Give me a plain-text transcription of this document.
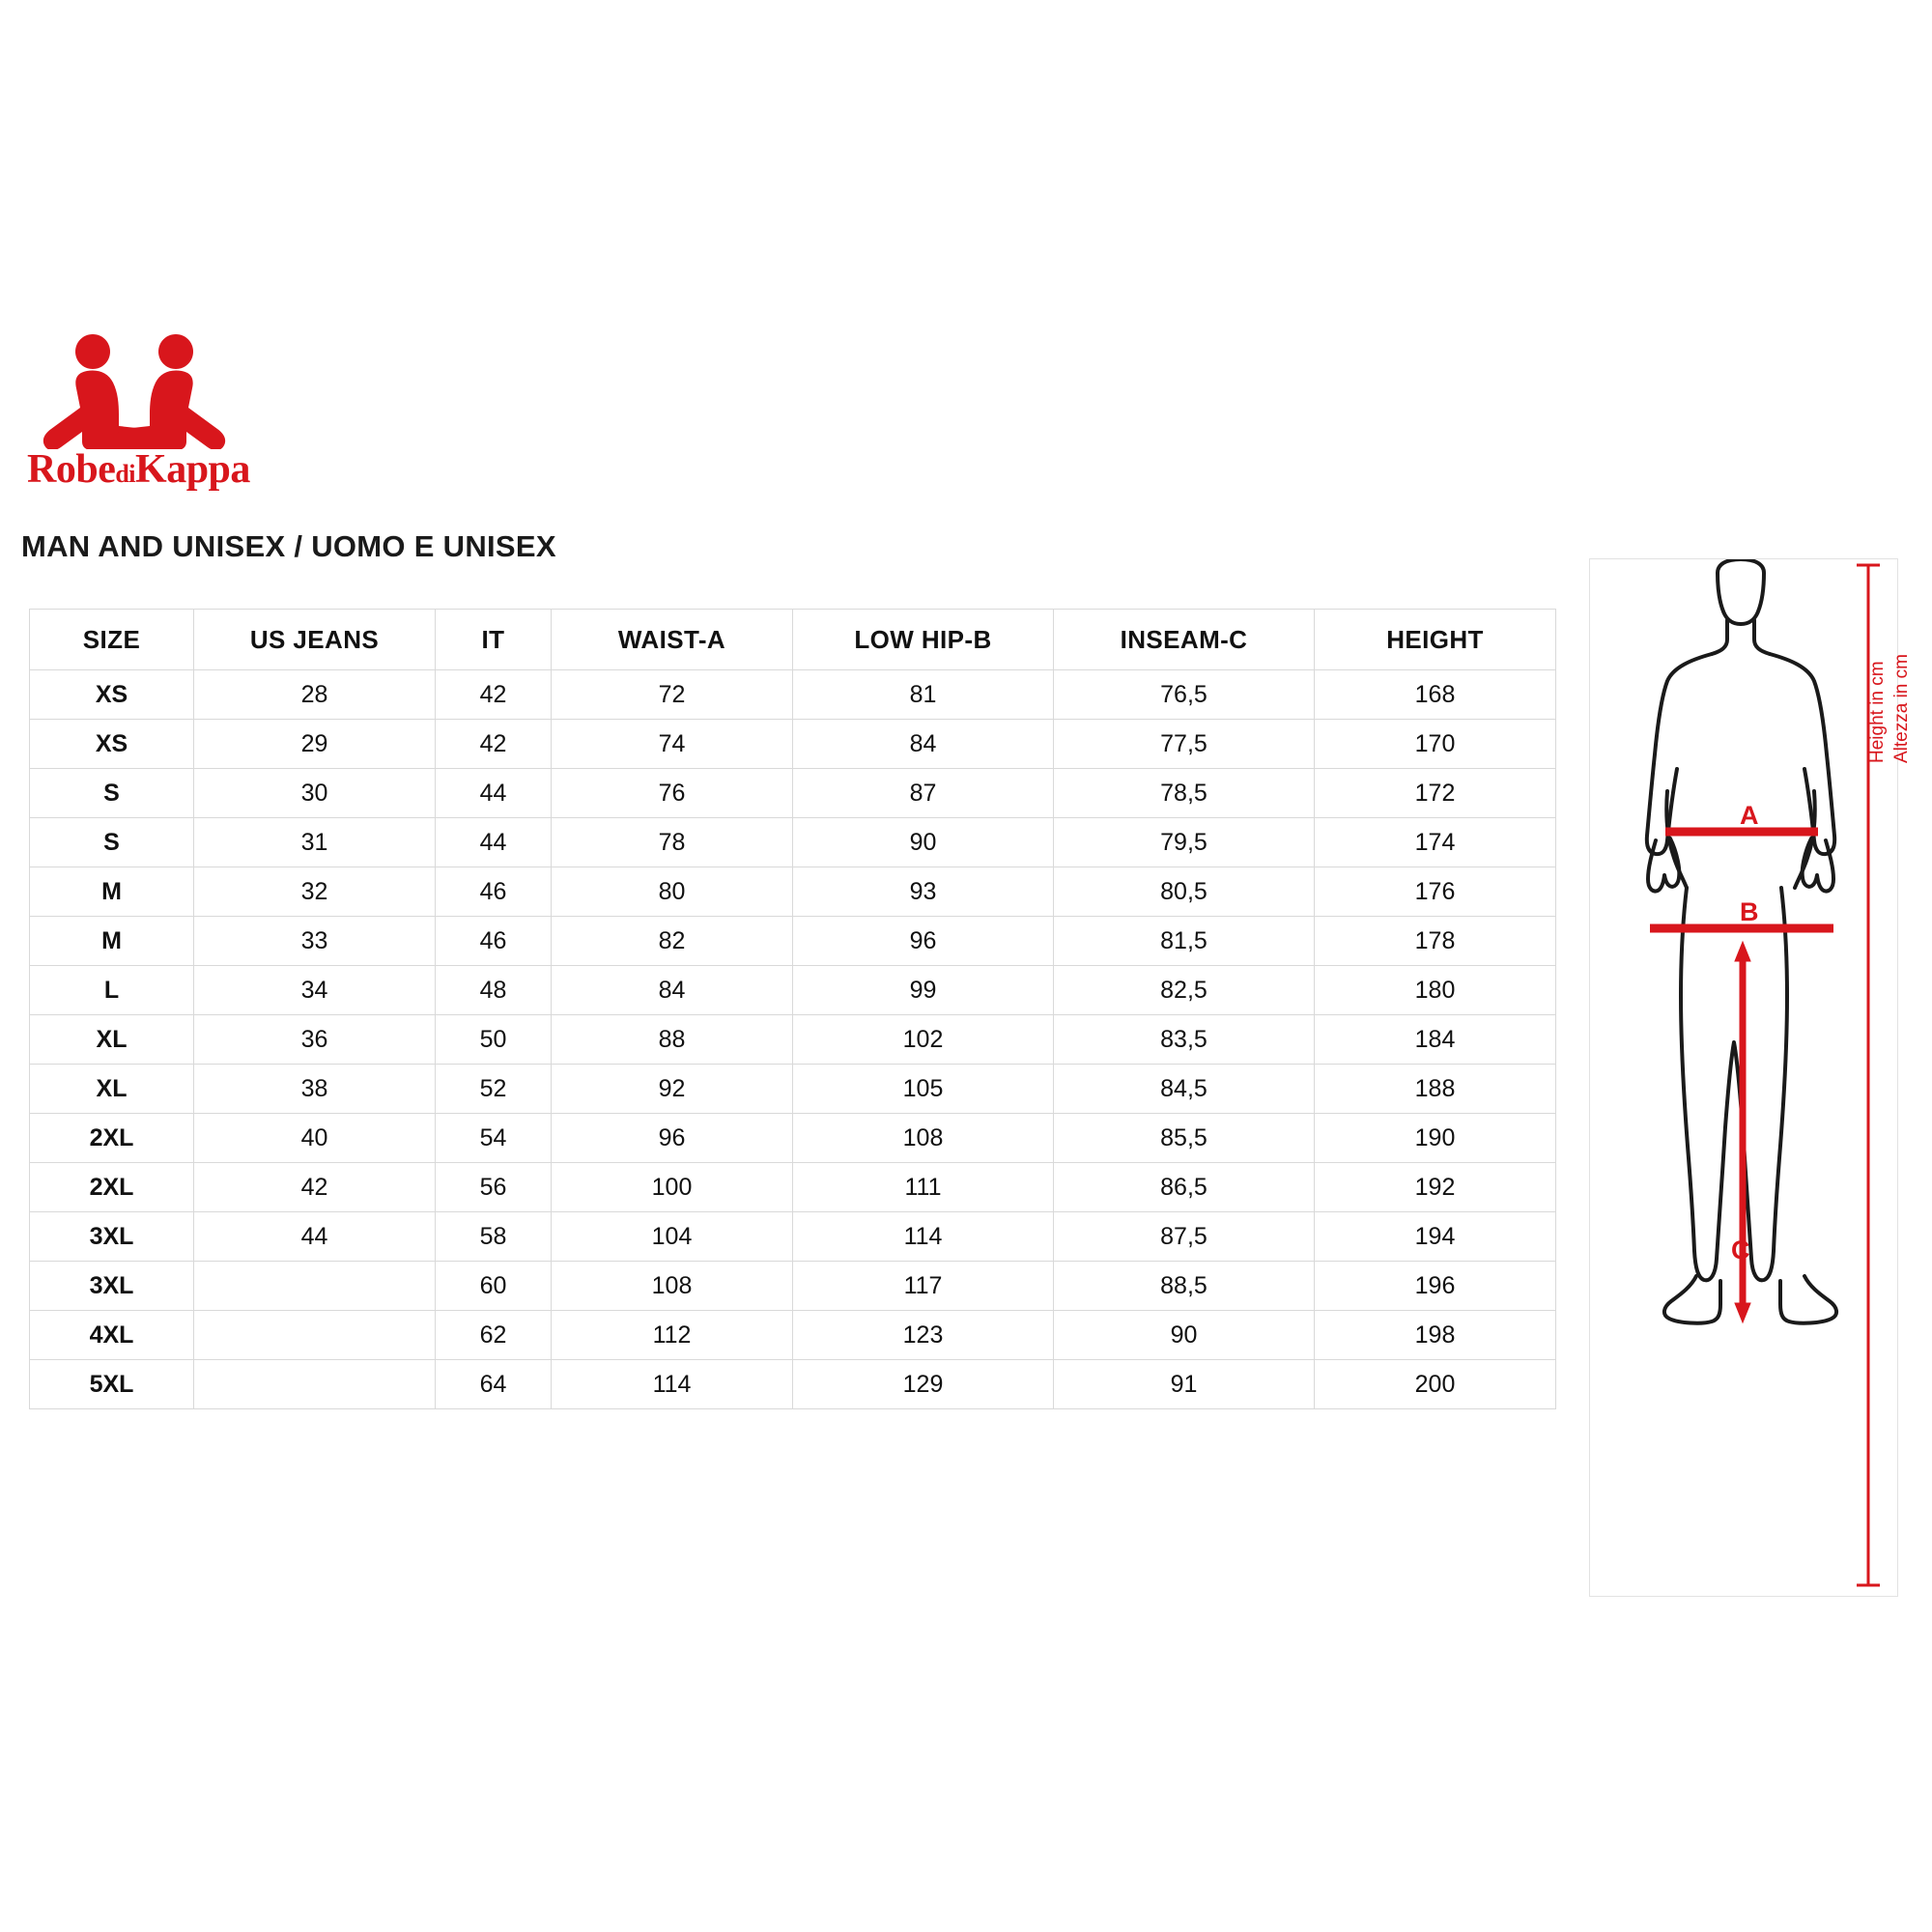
RobediKappa
MAN AND UNISEX / UOMO E UNISEX
SIZE	US JEANS	IT	WAIST-A	LOW HIP-B	INSEAM-C	HEIGHT
XS	28	42	72	81	76,5	168
XS	29	42	74	84	77,5	170
S	30	44	76	87	78,5	172
S	31	44	78	90	79,5	174
M	32	46	80	93	80,5	176
M	33	46	82	96	81,5	178
L	34	48	84	99	82,5	180
XL	36	50	88	102	83,5	184
XL	38	52	92	105	84,5	188
2XL	40	54	96	108	85,5	190
2XL	42	56	100	111	86,5	192
3XL	44	58	104	114	87,5	194
3XL		60	108	117	88,5	196
4XL		62	112	123	90	198
5XL		64	114	129	91	200
A
B
C
Height in cm Altezza in cm
